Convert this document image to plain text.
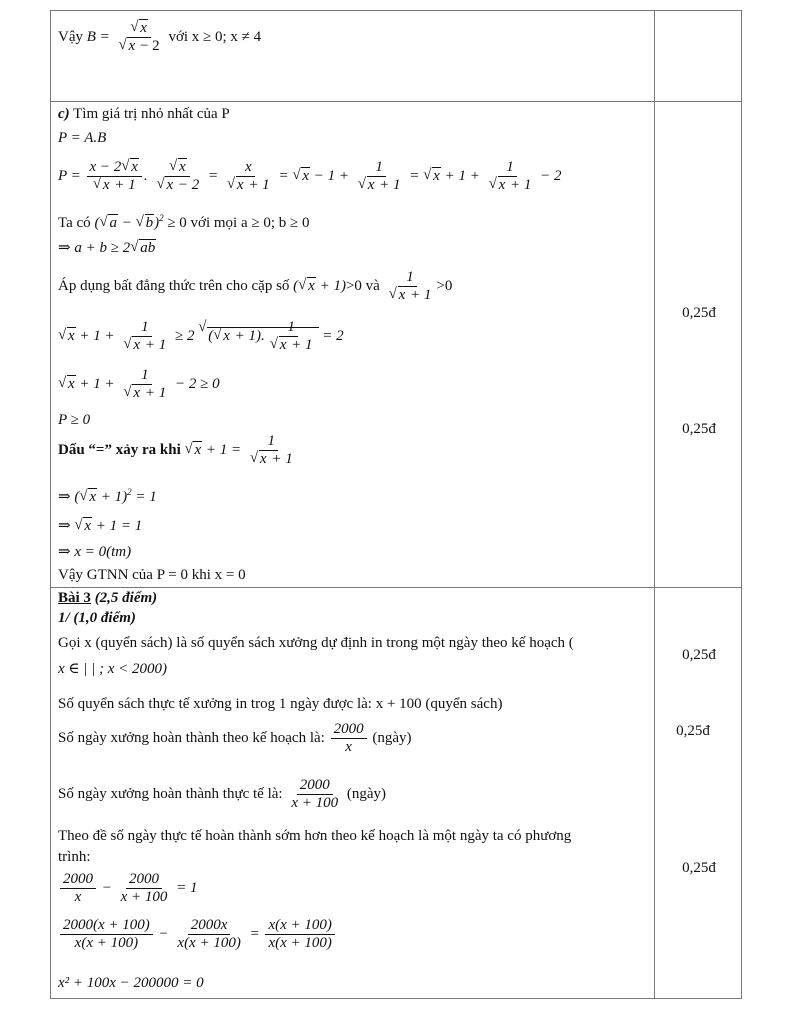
Vậy B = √ x
√ x − 2 với x ≥ 0; x ≠ 4
c) Tìm giá trị nhỏ nhất của P
P = A.B
P = x − 2 √ x
√ x + 1 . √ x
√ x − 2 = x
√ x + 1 = √ x − 1 + 1
√ x + 1 = √ x + 1 + 1
√ x + 1 − 2
Ta có ( √ a − √ b)$^2$ ≥ 0 với mọi a ≥ 0; b ≥ 0
⇒ a + b ≥ 2 √ ab
Áp dụng bất đẳng thức trên cho cặp số ( √ x + 1)>0 và 1
√ x + 1 >0
√ x + 1 + 1
√ x + 1 ≥ 2 √ ( √ x + 1). 1
√ x + 1 = 2
√ x + 1 + 1
√ x + 1 − 2 ≥ 0
P ≥ 0
Dấu “=” xảy ra khi √ x + 1 = 1
√ x + 1
⇒ ( √ x + 1)$^2$ = 1
⇒ √ x + 1 = 1
⇒ x = 0(tm)
Vậy GTNN của P = 0 khi x = 0
Bài 3 (2,5 điểm)
1/ (1,0 điểm)
Gọi x (quyển sách) là số quyển sách xưởng dự định in trong một ngày theo kế hoạch (
x ∈ | | ; x < 2000)
Số quyển sách thực tế xưởng in trog 1 ngày được là: x + 100 (quyển sách)
Số ngày xưởng hoàn thành theo kế hoạch là: $\frac{2000}{x}$ (ngày)
Số ngày xưởng hoàn thành thực tế là: $\frac{2000}{x + 100}$ (ngày)
Theo đề số ngày thực tế hoàn thành sớm hơn theo kế hoạch là một ngày ta có phương
trình:
$\frac{2000}{x} - \frac{2000}{x + 100} = 1$
$\frac{2000(x + 100)}{x(x + 100)} - \frac{2000x}{x(x + 100)} = \frac{x(x + 100)}{x(x + 100)}$
x² + 100x − 200000 = 0
0,25đ
0,25đ
0,25đ
0,25đ
0,25đ
